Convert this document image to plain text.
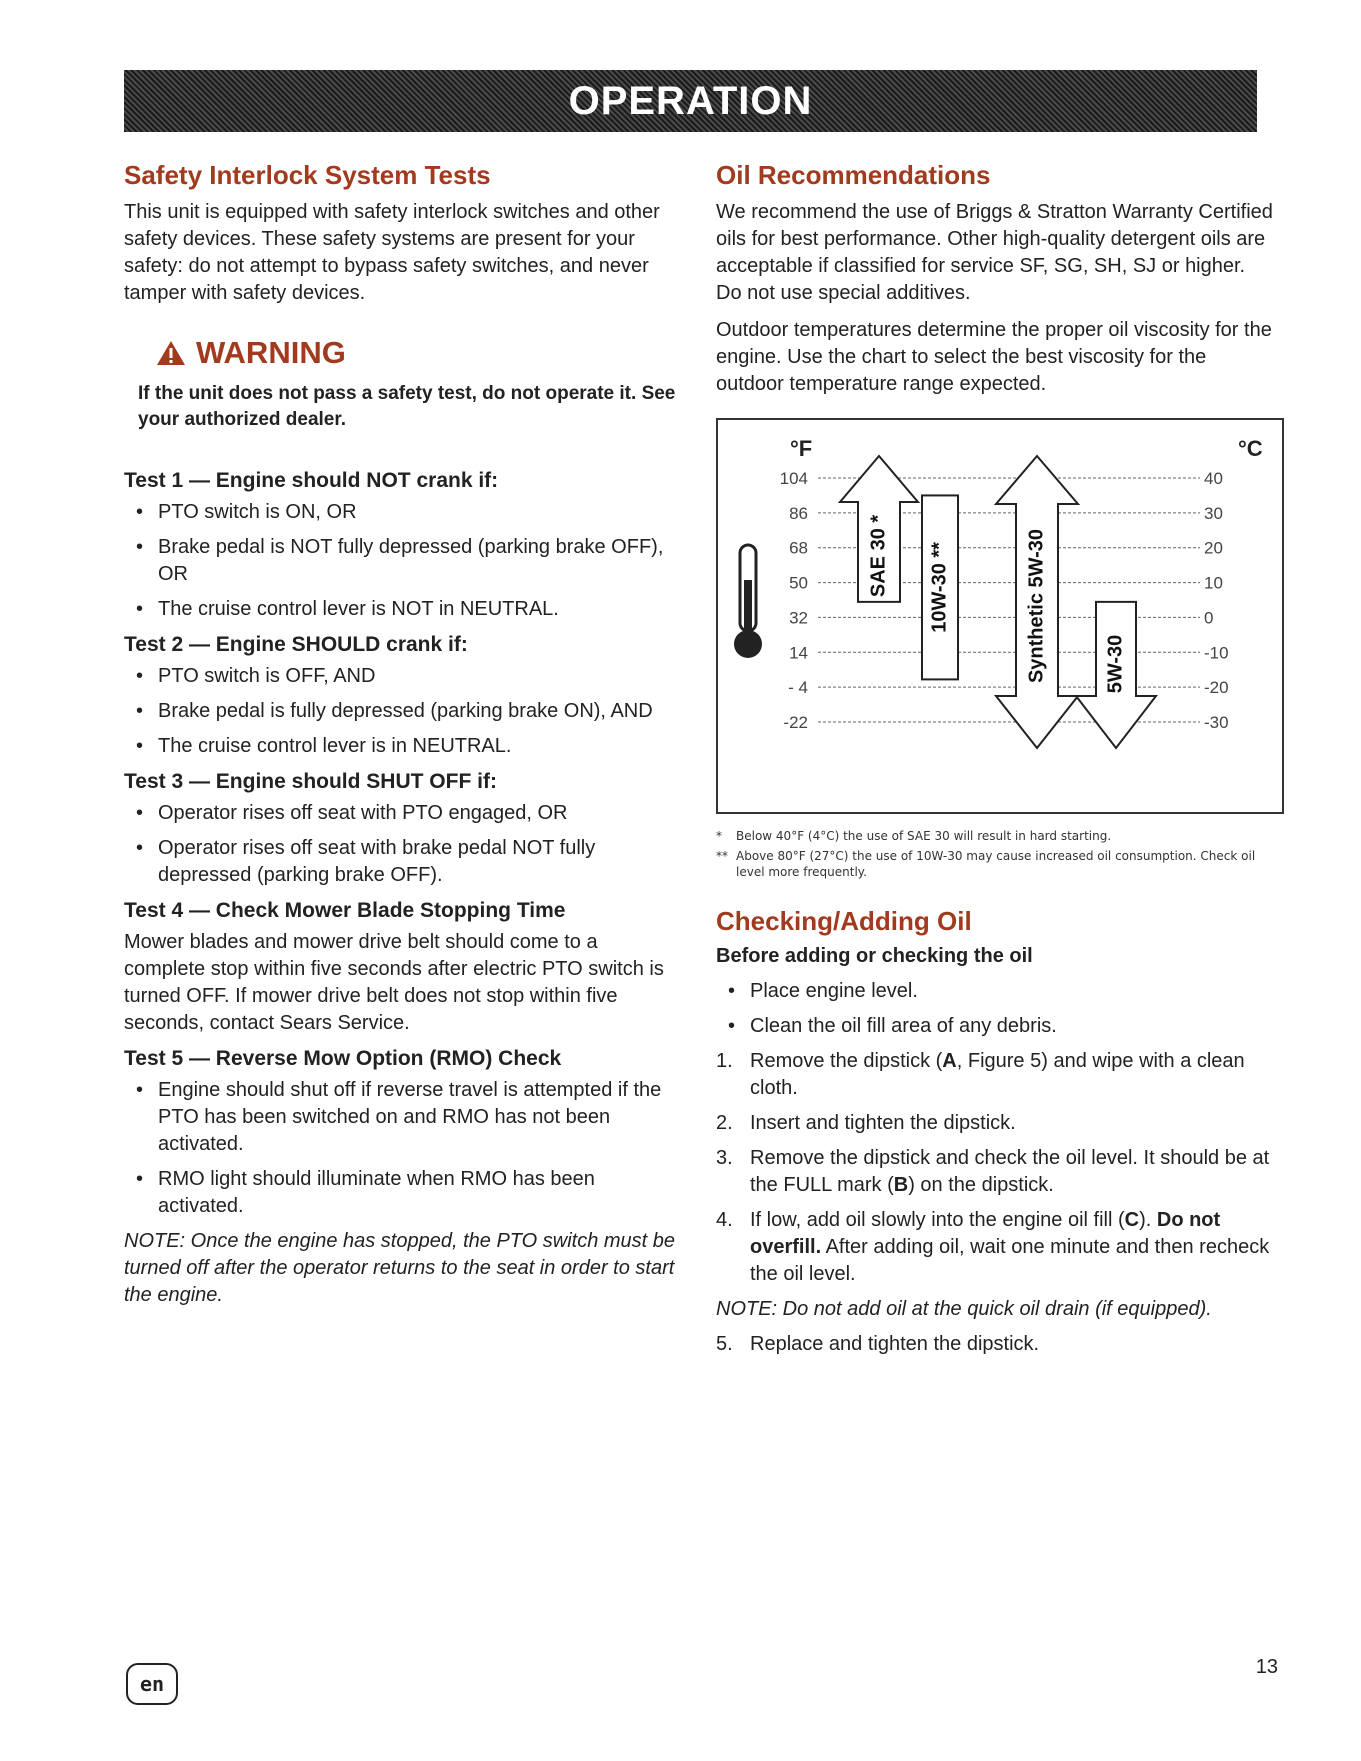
OPERATION
Safety Interlock System Tests

This unit is equipped with safety interlock switches and other safety devices. These safety systems are present for your safety: do not attempt to bypass safety switches, and never tamper with safety devices.

WARNING
If the unit does not pass a safety test, do not operate it. See your authorized dealer.
Test 1 — Engine should NOT crank if:
• PTO switch is ON, OR
• Brake pedal is NOT fully depressed (parking brake OFF), OR
• The cruise control lever is NOT in NEUTRAL.
Test 2 — Engine SHOULD crank if:
• PTO switch is OFF, AND
• Brake pedal is fully depressed (parking brake ON), AND
• The cruise control lever is in NEUTRAL.
Test 3 — Engine should SHUT OFF if:
• Operator rises off seat with PTO engaged, OR
• Operator rises off seat with brake pedal NOT fully depressed (parking brake OFF).
Test 4 — Check Mower Blade Stopping Time

Mower blades and mower drive belt should come to a complete stop within five seconds after electric PTO switch is turned OFF. If mower drive belt does not stop within five seconds, contact Sears Service.

Test 5 — Reverse Mow Option (RMO) Check
• Engine should shut off if reverse travel is attempted if the PTO has been switched on and RMO has not been activated.
• RMO light should illuminate when RMO has been activated.
NOTE: Once the engine has stopped, the PTO switch must be turned off after the operator returns to the seat in order to start the engine.
Oil Recommendations

We recommend the use of Briggs & Stratton Warranty Certified oils for best performance. Other high-quality detergent oils are acceptable if classified for service SF, SG, SH, SJ or higher. Do not use special additives.

Outdoor temperatures determine the proper oil viscosity for the engine. Use the chart to select the best viscosity for the outdoor temperature range expected.

°F	°C
104	40
86	30
68	20
50	10
32	0
14	-10
- 4	-20
-22	-30
SAE 30 * 10W-30 **	Synthetic 5W-30	5W-30
*	Below 40°F (4°C) the use of SAE 30 will result in hard starting.
** Above 80°F (27°C) the use of 10W-30 may cause increased oil consumption. Check oil level more frequently.
Checking/Adding Oil
Before adding or checking the oil
• Place engine level.
• Clean the oil fill area of any debris.
1. Remove the dipstick (A, Figure 5) and wipe with a clean cloth.
2. Insert and tighten the dipstick.
3. Remove the dipstick and check the oil level. It should be at the FULL mark (B) on the dipstick.
4. If low, add oil slowly into the engine oil fill (C). Do not overfill. After adding oil, wait one minute and then recheck the oil level.
NOTE: Do not add oil at the quick oil drain (if equipped).
5. Replace and tighten the dipstick.
en
13
